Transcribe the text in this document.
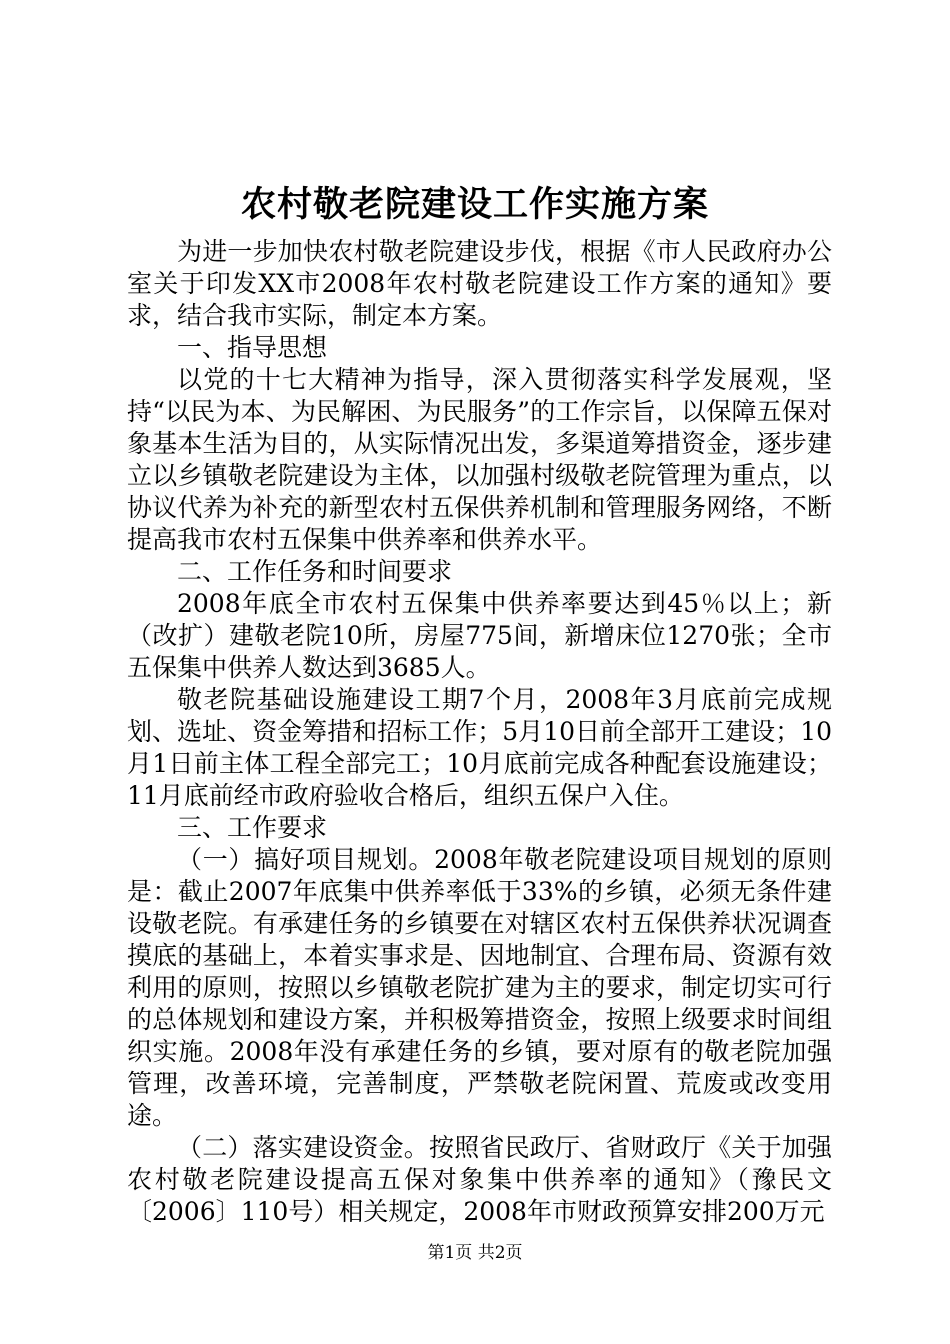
农村敬老院建设工作实施方案

为进一步加快农村敬老院建设步伐，根据《市人民政府办公室关于印发XX市2008年农村敬老院建设工作方案的通知》要求，结合我市实际，制定本方案。

一、指导思想

以党的十七大精神为指导，深入贯彻落实科学发展观，坚持“以民为本、为民解困、为民服务”的工作宗旨，以保障五保对象基本生活为目的，从实际情况出发，多渠道筹措资金，逐步建立以乡镇敬老院建设为主体，以加强村级敬老院管理为重点，以协议代养为补充的新型农村五保供养机制和管理服务网络，不断提高我市农村五保集中供养率和供养水平。

二、工作任务和时间要求

2008年底全市农村五保集中供养率要达到45％以上；新（改扩）建敬老院10所，房屋775间，新增床位1270张；全市五保集中供养人数达到3685人。

敬老院基础设施建设工期7个月，2008年3月底前完成规划、选址、资金筹措和招标工作；5月10日前全部开工建设；10月1日前主体工程全部完工；10月底前完成各种配套设施建设；11月底前经市政府验收合格后，组织五保户入住。

三、工作要求

（一）搞好项目规划。2008年敬老院建设项目规划的原则是：截止2007年底集中供养率低于33%的乡镇，必须无条件建设敬老院。有承建任务的乡镇要在对辖区农村五保供养状况调查摸底的基础上，本着实事求是、因地制宜、合理布局、资源有效利用的原则，按照以乡镇敬老院扩建为主的要求，制定切实可行的总体规划和建设方案，并积极筹措资金，按照上级要求时间组织实施。2008年没有承建任务的乡镇，要对原有的敬老院加强管理，改善环境，完善制度，严禁敬老院闲置、荒废或改变用途。

（二）落实建设资金。按照省民政厅、省财政厅《关于加强农村敬老院建设提高五保对象集中供养率的通知》（豫民文〔2006〕110号）相关规定，2008年市财政预算安排200万元

第1页 共2页
